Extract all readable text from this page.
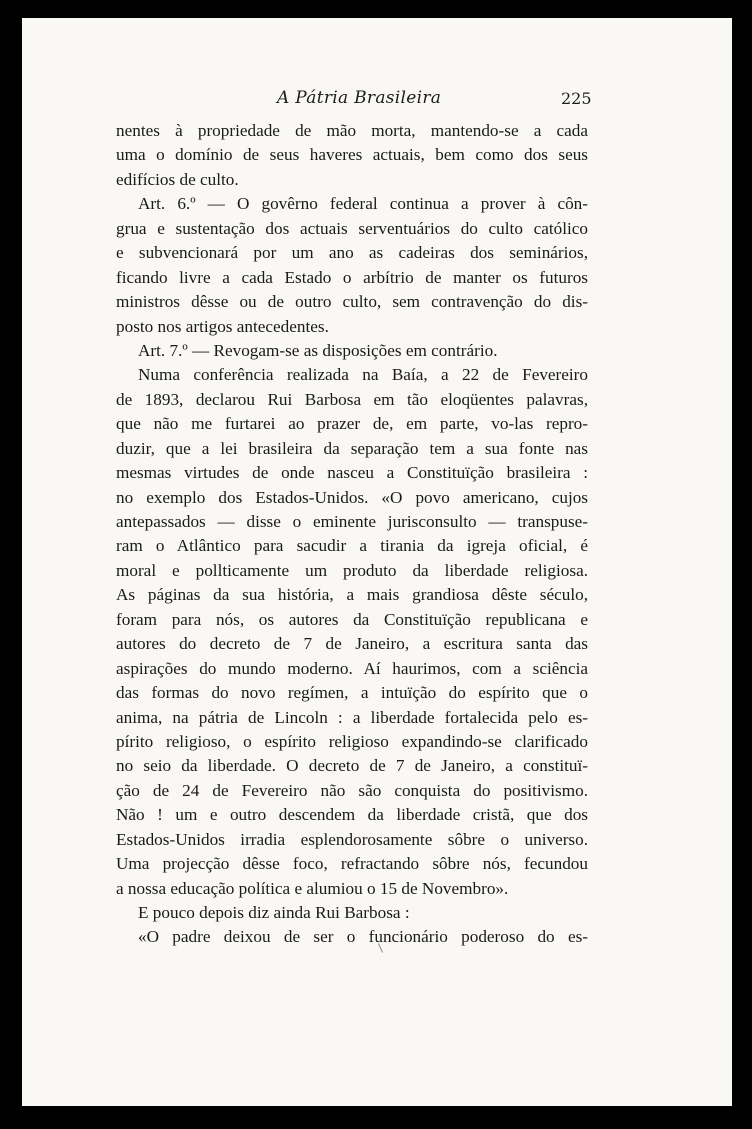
A Pátria Brasileira	225
nentes à propriedade de mão morta, mantendo-se a cada
uma o domínio de seus haveres actuais, bem como dos seus
edifícios de culto.
Art. 6.º — O govêrno federal continua a prover à côn-
grua e sustentação dos actuais serventuários do culto católico
e subvencionará por um ano as cadeiras dos seminários,
ficando livre a cada Estado o arbítrio de manter os futuros
ministros dêsse ou de outro culto, sem contravenção do dis-
posto nos artigos antecedentes.
Art. 7.º — Revogam-se as disposições em contrário.
Numa conferência realizada na Baía, a 22 de Fevereiro
de 1893, declarou Rui Barbosa em tão eloqüentes palavras,
que não me furtarei ao prazer de, em parte, vo-las repro-
duzir, que a lei brasileira da separação tem a sua fonte nas
mesmas virtudes de onde nasceu a Constituïção brasileira :
no exemplo dos Estados-Unidos. «O povo americano, cujos
antepassados — disse o eminente jurisconsulto — transpuse-
ram o Atlântico para sacudir a tirania da igreja oficial, é
moral e pollticamente um produto da liberdade religiosa.
As páginas da sua história, a mais grandiosa dêste século,
foram para nós, os autores da Constituïção republicana e
autores do decreto de 7 de Janeiro, a escritura santa das
aspirações do mundo moderno. Aí haurimos, com a sciência
das formas do novo regímen, a intuïção do espírito que o
anima, na pátria de Lincoln : a liberdade fortalecida pelo es-
pírito religioso, o espírito religioso expandindo-se clarificado
no seio da liberdade. O decreto de 7 de Janeiro, a constituï-
ção de 24 de Fevereiro não são conquista do positivismo.
Não ! um e outro descendem da liberdade cristã, que dos
Estados-Unidos irradia esplendorosamente sôbre o universo.
Uma projecção dêsse foco, refractando sôbre nós, fecundou
a nossa educação política e alumiou o 15 de Novembro».
E pouco depois diz ainda Rui Barbosa :
«O padre deixou de ser o funcionário poderoso do es-
